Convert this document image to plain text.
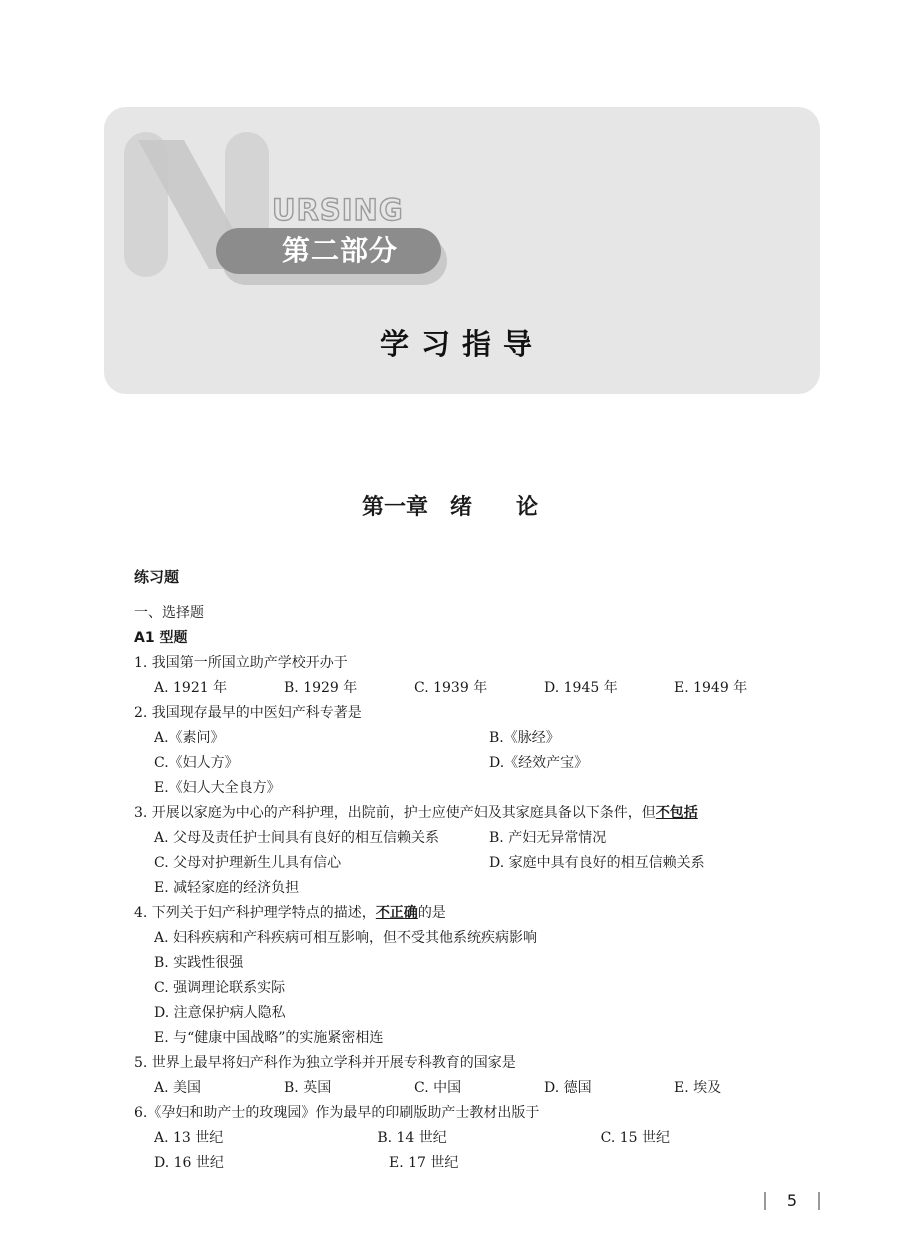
URSING
第二部分
学习指导
第一章　绪　　论
练习题
一、选择题
A1 型题
1. 我国第一所国立助产学校开办于
A. 1921 年	B. 1929 年	C. 1939 年	D. 1945 年	E. 1949 年
2. 我国现存最早的中医妇产科专著是
A.《素问》	B.《脉经》
C.《妇人方》	D.《经效产宝》
E.《妇人大全良方》
3. 开展以家庭为中心的产科护理，出院前，护士应使产妇及其家庭具备以下条件，但不包括
A. 父母及责任护士间具有良好的相互信赖关系	B. 产妇无异常情况
C. 父母对护理新生儿具有信心	D. 家庭中具有良好的相互信赖关系
E. 减轻家庭的经济负担
4. 下列关于妇产科护理学特点的描述，不正确的是
A. 妇科疾病和产科疾病可相互影响，但不受其他系统疾病影响
B. 实践性很强
C. 强调理论联系实际
D. 注意保护病人隐私
E. 与“健康中国战略”的实施紧密相连
5. 世界上最早将妇产科作为独立学科并开展专科教育的国家是
A. 美国	B. 英国	C. 中国	D. 德国	E. 埃及
6.《孕妇和助产士的玫瑰园》作为最早的印刷版助产士教材出版于
A. 13 世纪	B. 14 世纪	C. 15 世纪
D. 16 世纪	E. 17 世纪
5
